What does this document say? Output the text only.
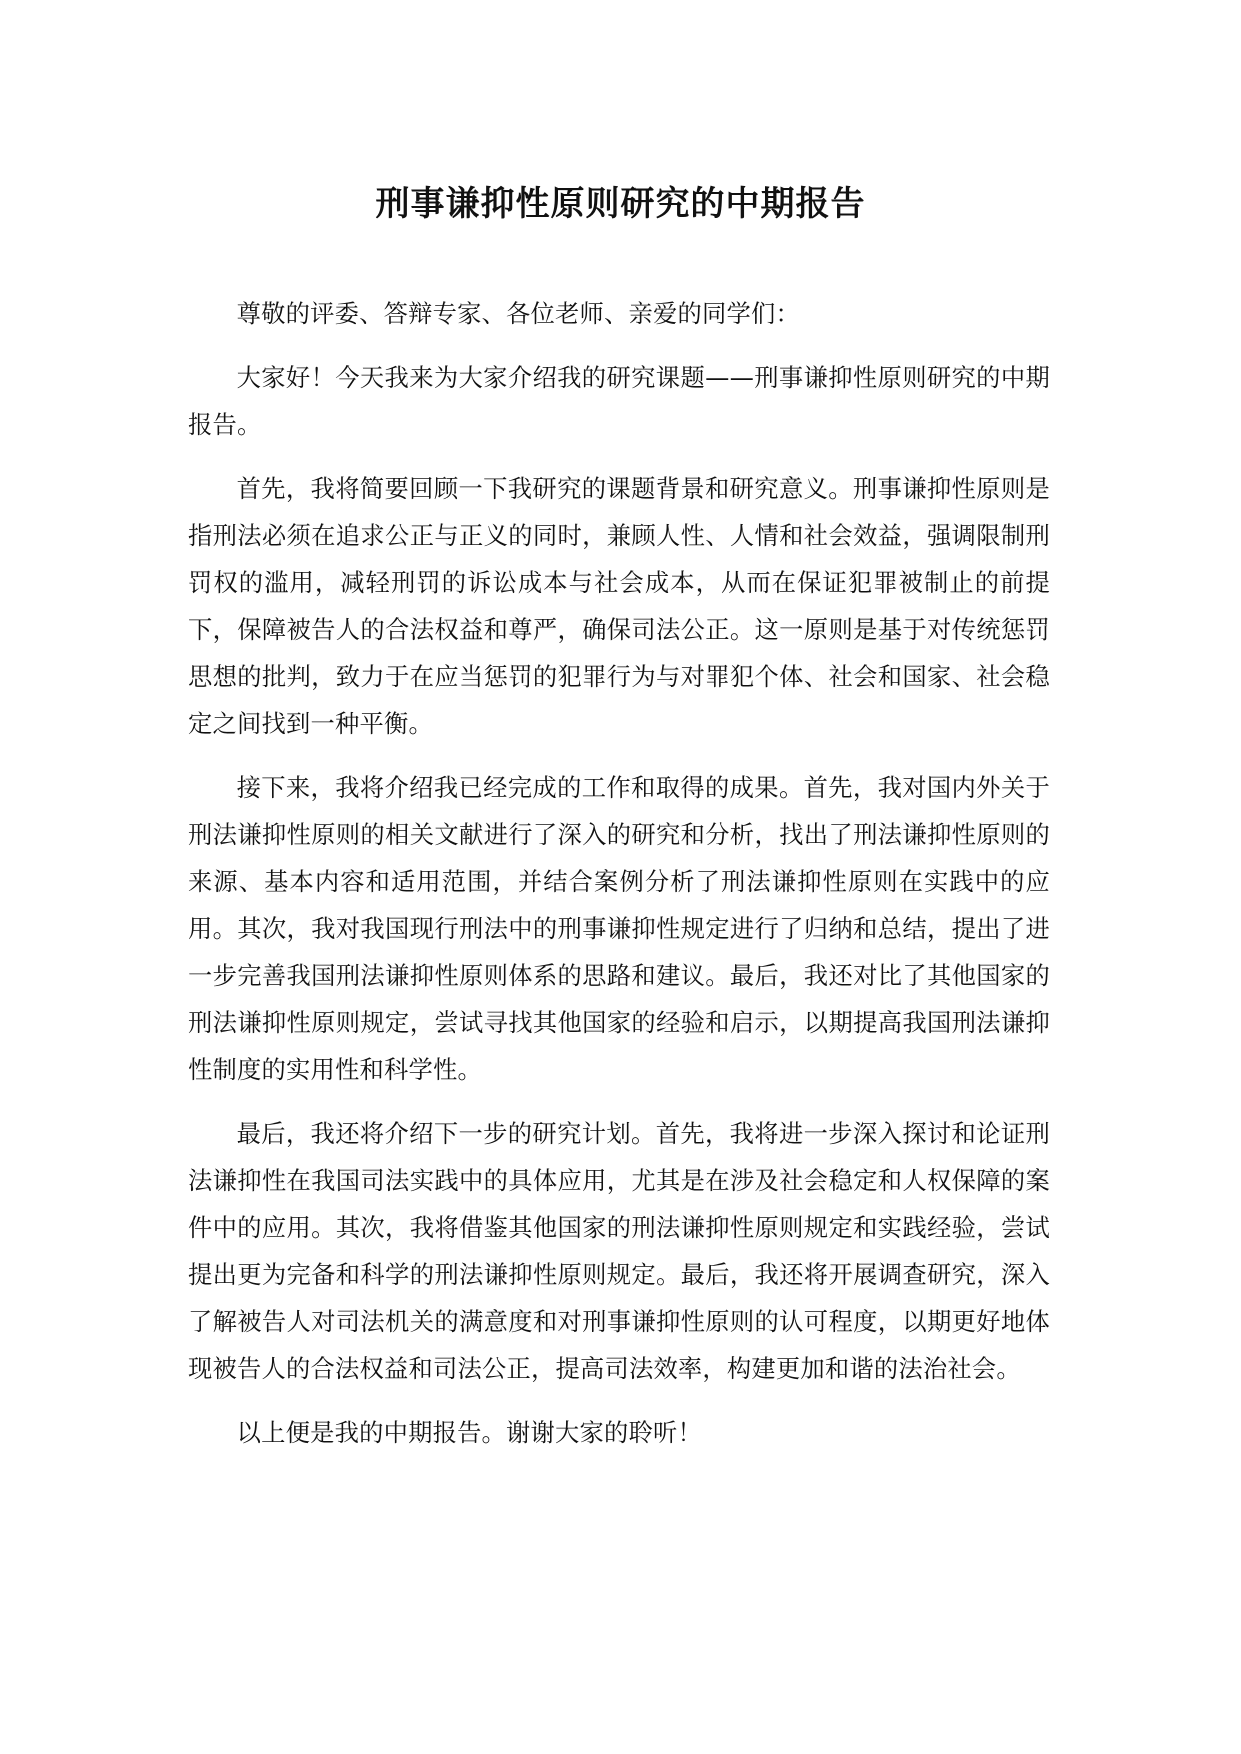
刑事谦抑性原则研究的中期报告

尊敬的评委、答辩专家、各位老师、亲爱的同学们：

大家好！今天我来为大家介绍我的研究课题——刑事谦抑性原则研究的中期报告。

首先，我将简要回顾一下我研究的课题背景和研究意义。刑事谦抑性原则是指刑法必须在追求公正与正义的同时，兼顾人性、人情和社会效益，强调限制刑罚权的滥用，减轻刑罚的诉讼成本与社会成本，从而在保证犯罪被制止的前提下，保障被告人的合法权益和尊严，确保司法公正。这一原则是基于对传统惩罚思想的批判，致力于在应当惩罚的犯罪行为与对罪犯个体、社会和国家、社会稳定之间找到一种平衡。

接下来，我将介绍我已经完成的工作和取得的成果。首先，我对国内外关于刑法谦抑性原则的相关文献进行了深入的研究和分析，找出了刑法谦抑性原则的来源、基本内容和适用范围，并结合案例分析了刑法谦抑性原则在实践中的应用。其次，我对我国现行刑法中的刑事谦抑性规定进行了归纳和总结，提出了进一步完善我国刑法谦抑性原则体系的思路和建议。最后，我还对比了其他国家的刑法谦抑性原则规定，尝试寻找其他国家的经验和启示，以期提高我国刑法谦抑性制度的实用性和科学性。

最后，我还将介绍下一步的研究计划。首先，我将进一步深入探讨和论证刑法谦抑性在我国司法实践中的具体应用，尤其是在涉及社会稳定和人权保障的案件中的应用。其次，我将借鉴其他国家的刑法谦抑性原则规定和实践经验，尝试提出更为完备和科学的刑法谦抑性原则规定。最后，我还将开展调查研究，深入了解被告人对司法机关的满意度和对刑事谦抑性原则的认可程度，以期更好地体现被告人的合法权益和司法公正，提高司法效率，构建更加和谐的法治社会。

以上便是我的中期报告。谢谢大家的聆听！
